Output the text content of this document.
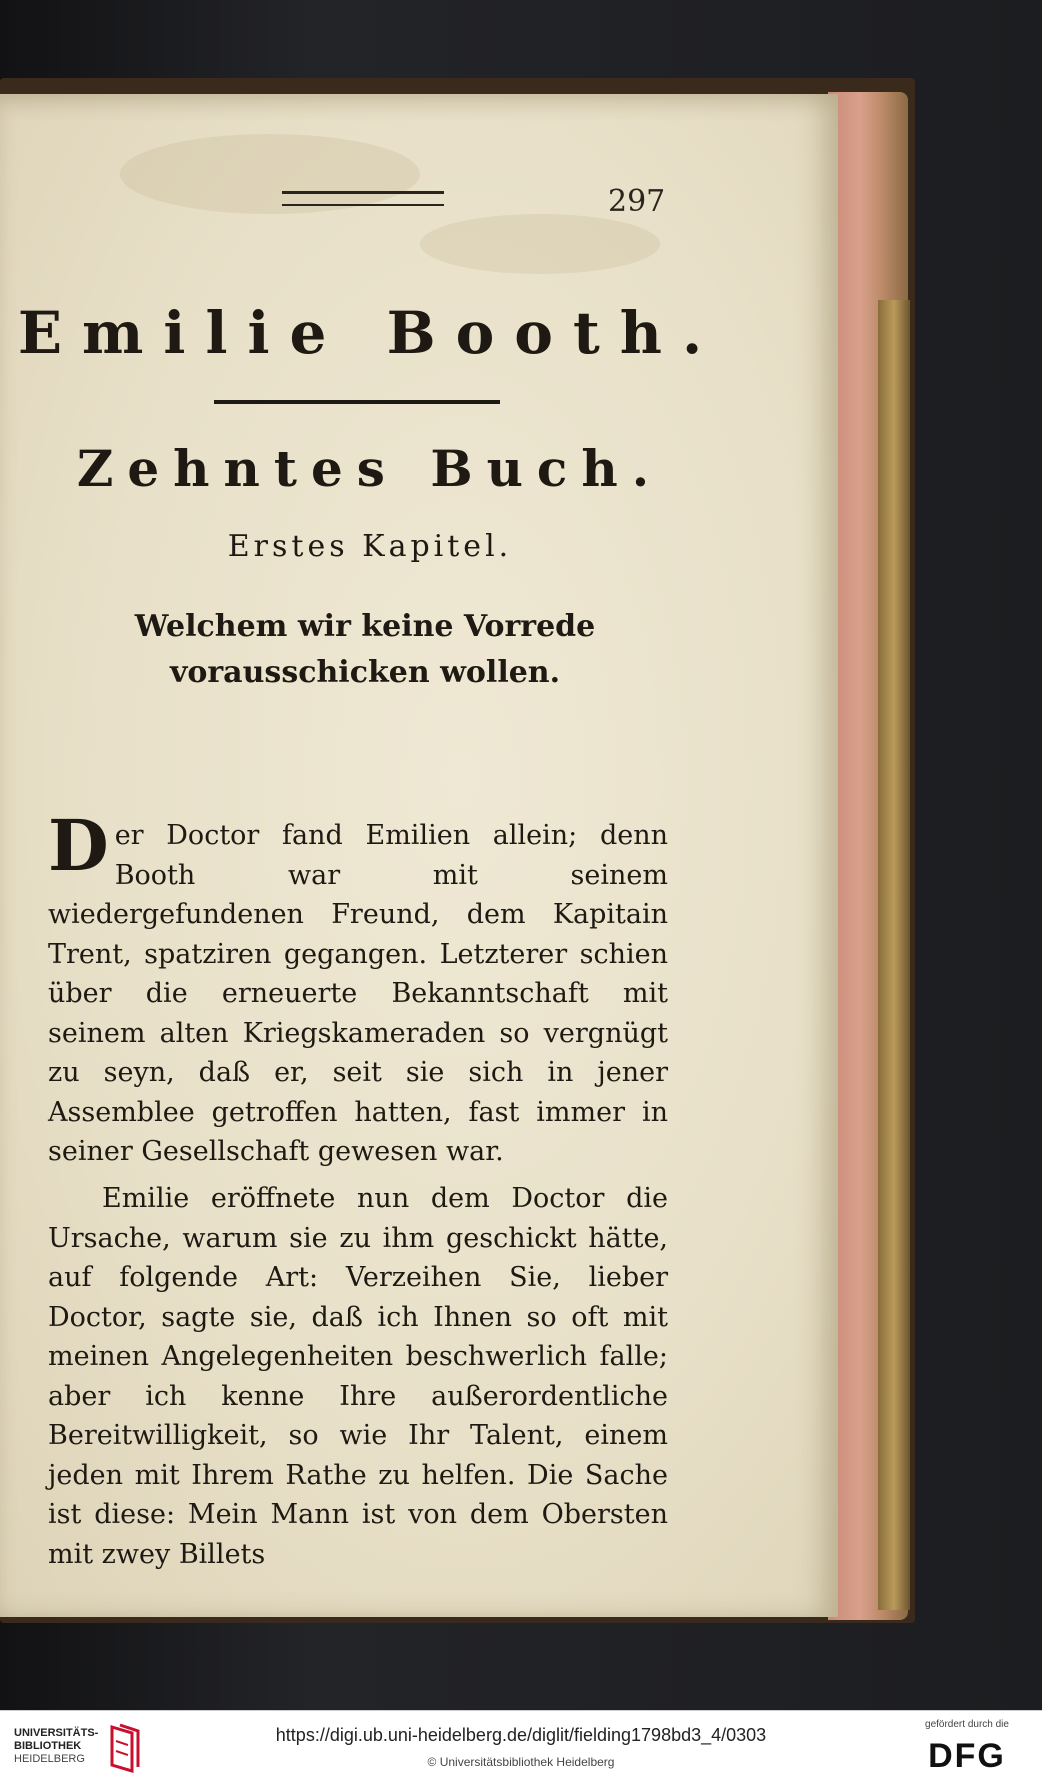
297
Emilie Booth.
Zehntes Buch.
Erstes Kapitel.
Welchem wir keine Vorrede vorausschicken wollen.
Der Doctor fand Emilien allein; denn Booth war mit seinem wiedergefundenen Freund, dem Kapitain Trent, spatziren gegangen. Letzterer schien über die erneuerte Bekanntschaft mit seinem alten Kriegskameraden so vergnügt zu seyn, daß er, seit sie sich in jener Assemblee getroffen hatten, fast immer in seiner Gesellschaft gewesen war.
Emilie eröffnete nun dem Doctor die Ursache, warum sie zu ihm geschickt hätte, auf folgende Art: Verzeihen Sie, lieber Doctor, sagte sie, daß ich Ihnen so oft mit meinen Angelegenheiten beschwerlich falle; aber ich kenne Ihre außerordentliche Bereitwilligkeit, so wie Ihr Talent, einem jeden mit Ihrem Rathe zu helfen. Die Sache ist diese: Mein Mann ist von dem Obersten mit zwey Billets
UNIVERSITÄTS-
BIBLIOTHEK
HEIDELBERG
https://digi.ub.uni-heidelberg.de/diglit/fielding1798bd3_4/0303
© Universitätsbibliothek Heidelberg
gefördert durch die
DFG
